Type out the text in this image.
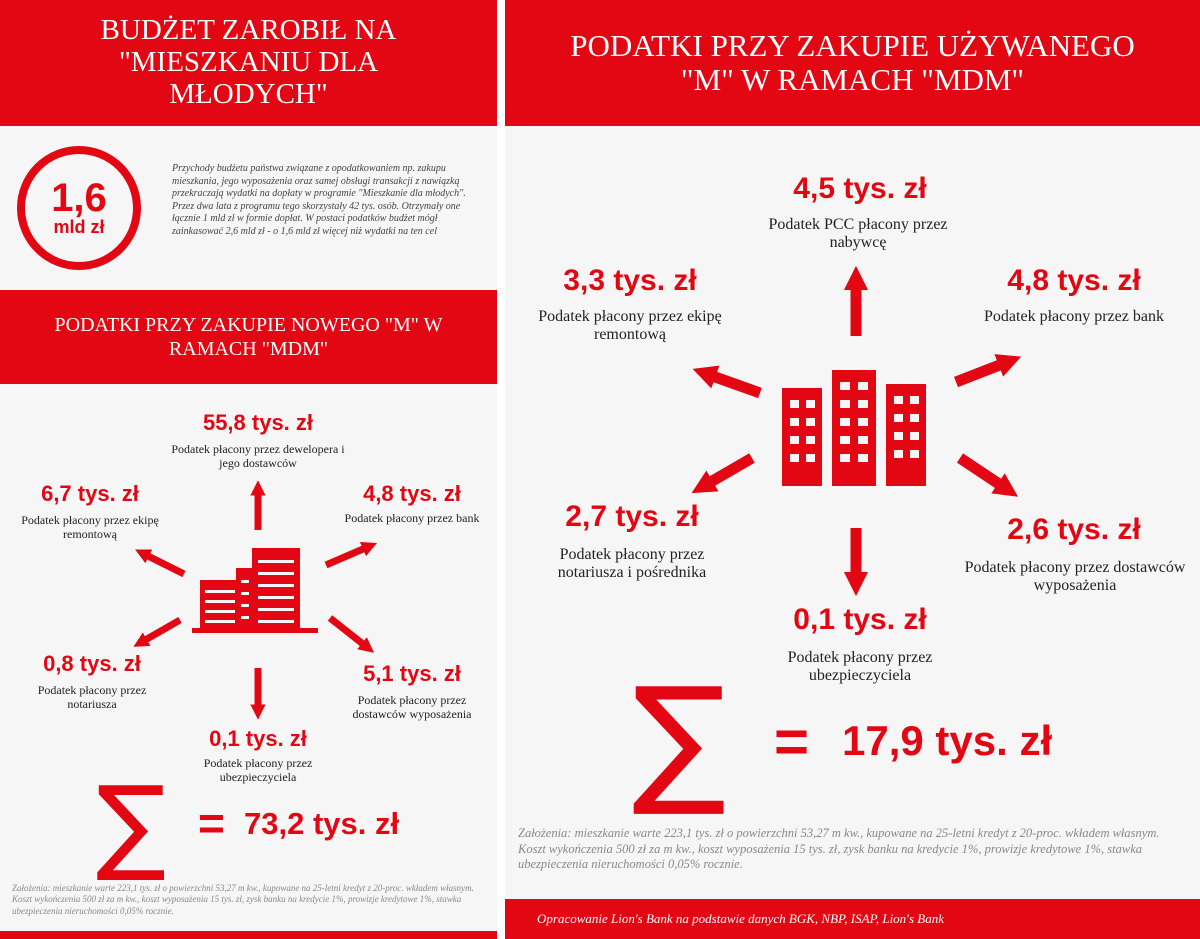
BUDŻET ZAROBIŁ NA "MIESZKANIU DLA MŁODYCH"
1,6
mld zł

Przychody budżetu państwa związane z opodatkowaniem np. zakupu mieszkania, jego wyposażenia oraz samej obsługi transakcji z nawiązką przekraczają wydatki na dopłaty w programie "Mieszkanie dla młodych". Przez dwa lata z programu tego skorzystały 42 tys. osób. Otrzymały one łącznie 1 mld zł w formie dopłat. W postaci podatków budżet mógł zainkasować 2,6 mld zł - o 1,6 mld zł więcej niż wydatki na ten cel

PODATKI PRZY ZAKUPIE NOWEGO "M" W RAMACH "MDM"
55,8 tys. zł
Podatek płacony przez dewelopera i jego dostawców
6,7 tys. zł
Podatek płacony przez ekipę remontową
4,8 tys. zł
Podatek płacony przez bank
0,8 tys. zł
Podatek płacony przez notariusza
5,1 tys. zł
Podatek płacony przez dostawców wyposażenia
0,1 tys. zł
Podatek płacony przez ubezpieczyciela
∑ = 73,2 tys. zł

Założenia: mieszkanie warte 223,1 tys. zł o powierzchni 53,27 m kw., kupowane na 25-letni kredyt z 20-proc. wkładem własnym. Koszt wykończenia 500 zł za m kw., koszt wyposażenia 15 tys. zł, zysk banku na kredycie 1%, prowizje kredytowe 1%, stawka ubezpieczenia nieruchomości 0,05% rocznie.

PODATKI PRZY ZAKUPIE UŻYWANEGO "M" W RAMACH "MDM"
4,5 tys. zł
Podatek PCC płacony przez nabywcę
3,3 tys. zł
Podatek płacony przez ekipę remontową
4,8 tys. zł
Podatek płacony przez bank
2,7 tys. zł
Podatek płacony przez notariusza i pośrednika
2,6 tys. zł
Podatek płacony przez dostawców wyposażenia
0,1 tys. zł
Podatek płacony przez ubezpieczyciela
∑ = 17,9 tys. zł

Założenia: mieszkanie warte 223,1 tys. zł o powierzchni 53,27 m kw., kupowane na 25-letni kredyt z 20-proc. wkładem własnym. Koszt wykończenia 500 zł za m kw., koszt wyposażenia 15 tys. zł, zysk banku na kredycie 1%, prowizje kredytowe 1%, stawka ubezpieczenia nieruchomości 0,05% rocznie.

Opracowanie Lion's Bank na podstawie danych BGK, NBP, ISAP, Lion's Bank
